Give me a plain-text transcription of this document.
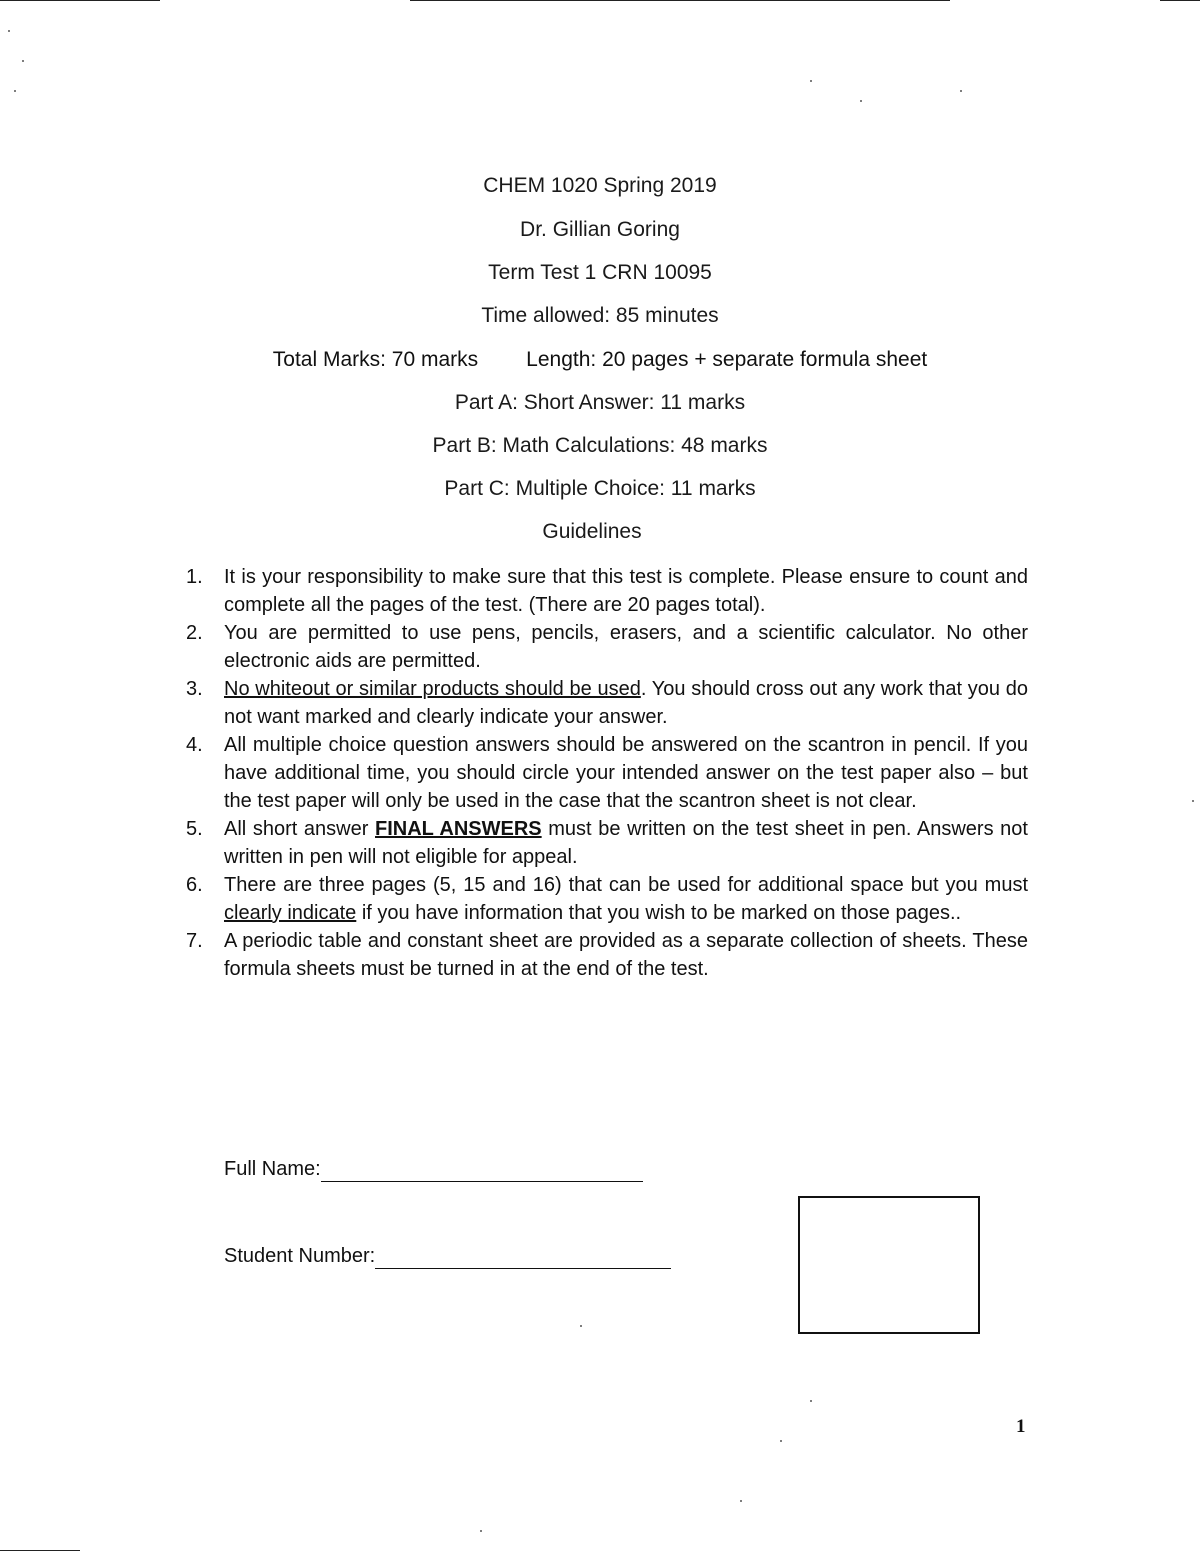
CHEM 1020 Spring 2019
Dr. Gillian Goring
Term Test 1 CRN 10095
Time allowed: 85 minutes
Total Marks: 70 marks Length: 20 pages + separate formula sheet
Part A: Short Answer: 11 marks
Part B: Math Calculations: 48 marks
Part C: Multiple Choice: 11 marks
Guidelines
1. It is your responsibility to make sure that this test is complete. Please ensure to count and complete all the pages of the test. (There are 20 pages total).
2. You are permitted to use pens, pencils, erasers, and a scientific calculator. No other electronic aids are permitted.
3. No whiteout or similar products should be used. You should cross out any work that you do not want marked and clearly indicate your answer.
4. All multiple choice question answers should be answered on the scantron in pencil. If you have additional time, you should circle your intended answer on the test paper also – but the test paper will only be used in the case that the scantron sheet is not clear.
5. All short answer FINAL ANSWERS must be written on the test sheet in pen. Answers not written in pen will not eligible for appeal.
6. There are three pages (5, 15 and 16) that can be used for additional space but you must clearly indicate if you have information that you wish to be marked on those pages..
7. A periodic table and constant sheet are provided as a separate collection of sheets. These formula sheets must be turned in at the end of the test.
Full Name:
Student Number:
1
